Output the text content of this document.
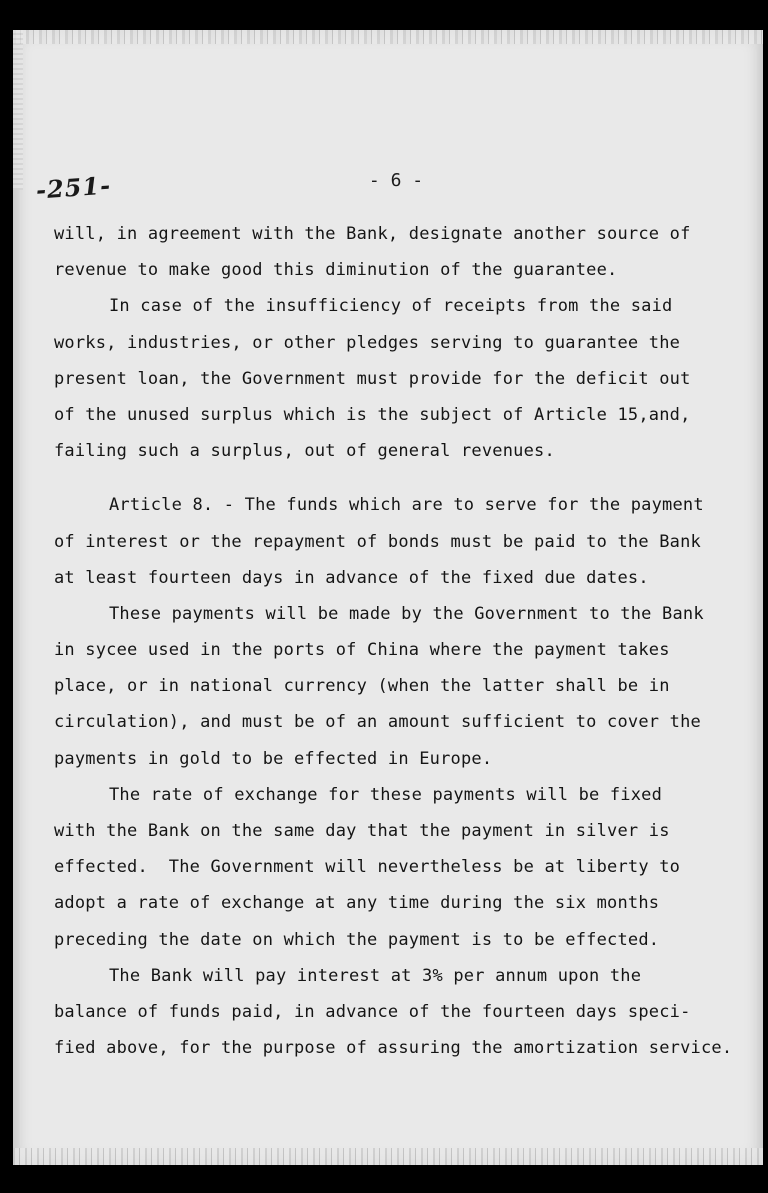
-251-	- 6 -
will, in agreement with the Bank, designate another source of
revenue to make good this diminution of the guarantee.
In case of the insufficiency of receipts from the said
works, industries, or other pledges serving to guarantee the
present loan, the Government must provide for the deficit out
of the unused surplus which is the subject of Article 15,and,
failing such a surplus, out of general revenues.
Article 8. - The funds which are to serve for the payment
of interest or the repayment of bonds must be paid to the Bank
at least fourteen days in advance of the fixed due dates.
These payments will be made by the Government to the Bank
in sycee used in the ports of China where the payment takes
place, or in national currency (when the latter shall be in
circulation), and must be of an amount sufficient to cover the
payments in gold to be effected in Europe.
The rate of exchange for these payments will be fixed
with the Bank on the same day that the payment in silver is
effected.  The Government will nevertheless be at liberty to
adopt a rate of exchange at any time during the six months
preceding the date on which the payment is to be effected.
The Bank will pay interest at 3% per annum upon the
balance of funds paid, in advance of the fourteen days speci-
fied above, for the purpose of assuring the amortization service.
